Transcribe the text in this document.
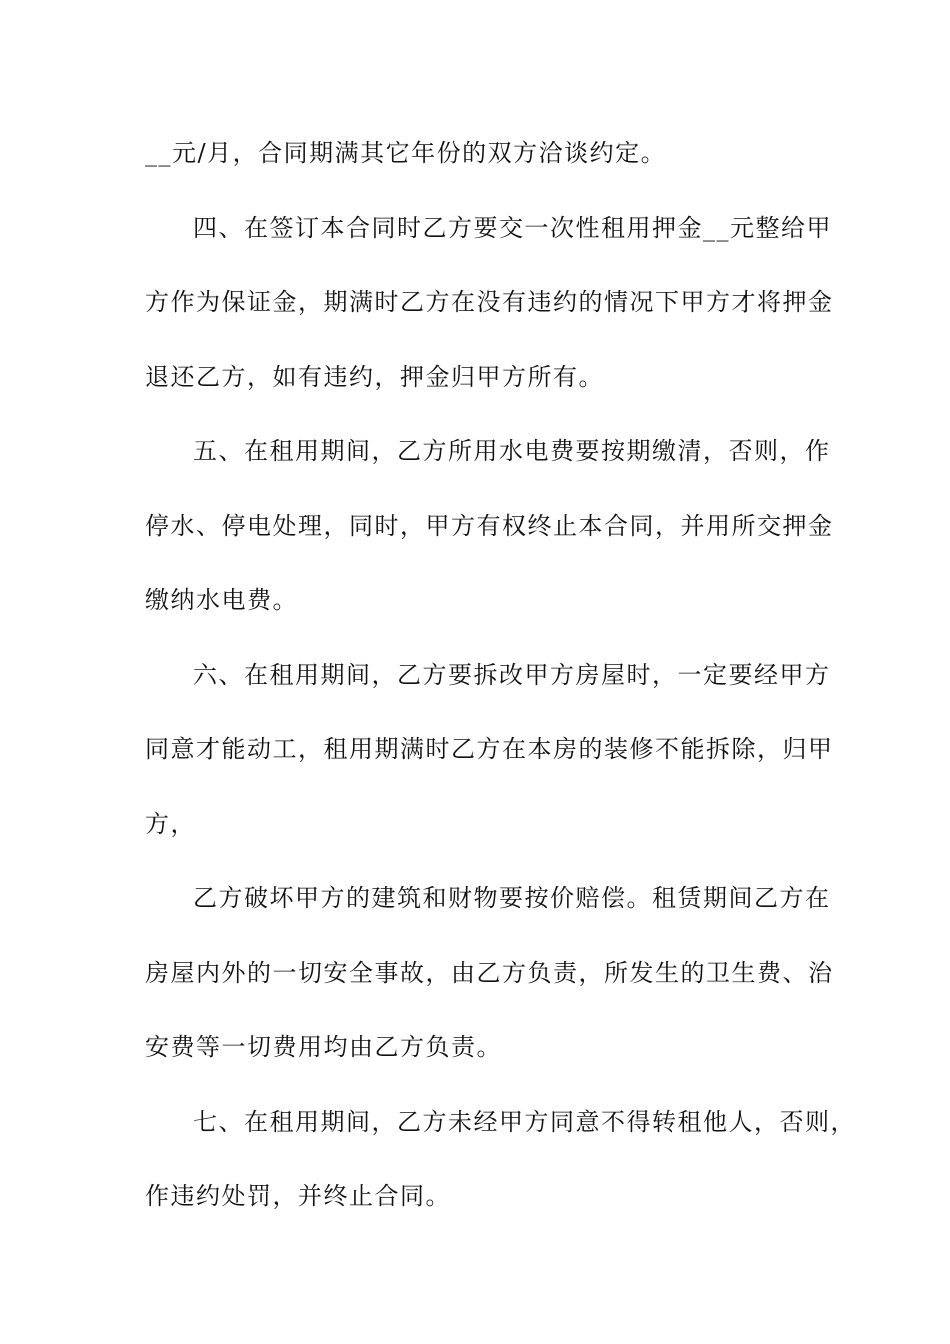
__元/月，合同期满其它年份的双方洽谈约定。
四、在签订本合同时乙方要交一次性租用押金__元整给甲
方作为保证金，期满时乙方在没有违约的情况下甲方才将押金
退还乙方，如有违约，押金归甲方所有。
五、在租用期间，乙方所用水电费要按期缴清，否则，作
停水、停电处理，同时，甲方有权终止本合同，并用所交押金
缴纳水电费。
六、在租用期间，乙方要拆改甲方房屋时，一定要经甲方
同意才能动工，租用期满时乙方在本房的装修不能拆除，归甲
方，
乙方破坏甲方的建筑和财物要按价赔偿。租赁期间乙方在
房屋内外的一切安全事故，由乙方负责，所发生的卫生费、治
安费等一切费用均由乙方负责。
七、在租用期间，乙方未经甲方同意不得转租他人，否则，
作违约处罚，并终止合同。
